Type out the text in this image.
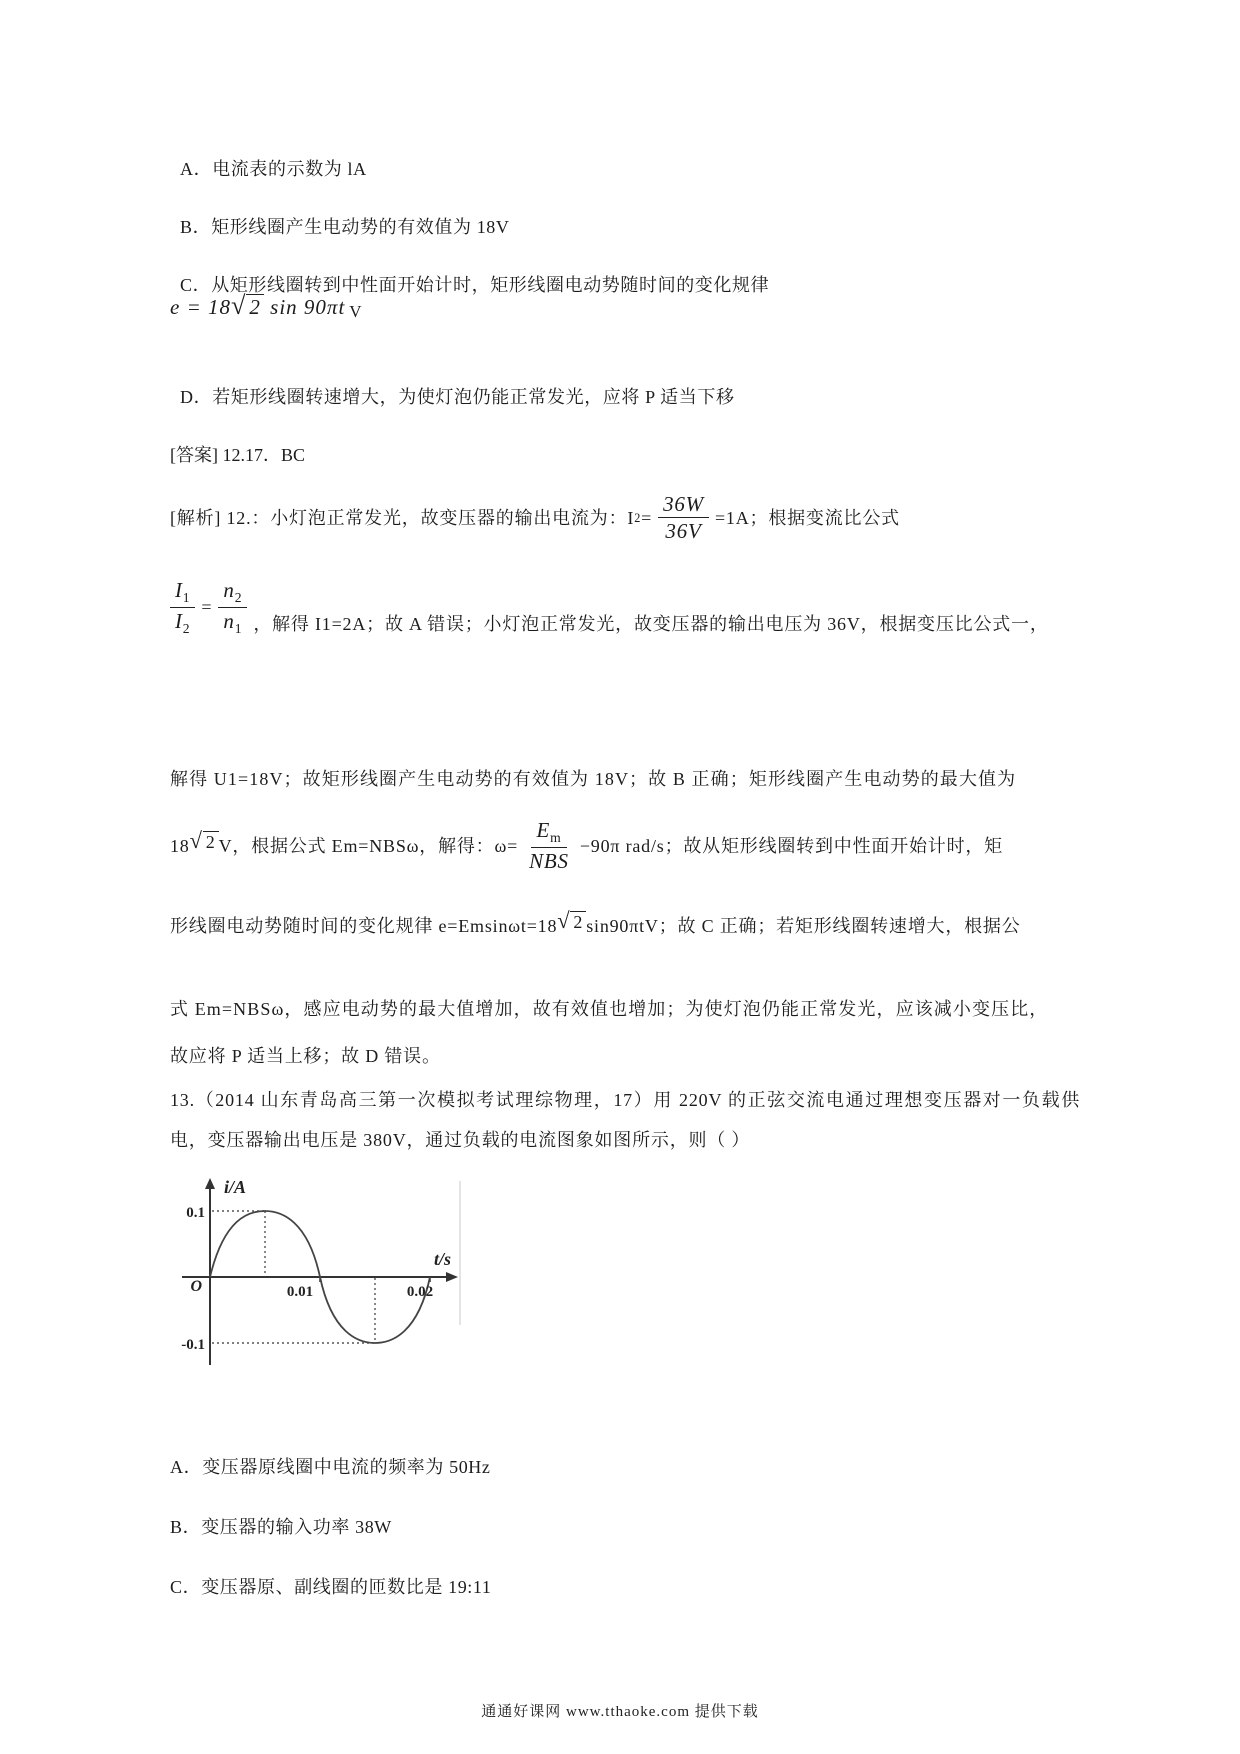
A．电流表的示数为 lA

B．矩形线圈产生电动势的有效值为 18V

C．从矩形线圈转到中性面开始计时，矩形线圈电动势随时间的变化规律

e = 18√ 2 sin 90πt V

D．若矩形线圈转速增大，为使灯泡仍能正常发光，应将 P 适当下移

[答案] 12.17．BC

[解析] 12.：小灯泡正常发光，故变压器的输出电流为：I $2 = \frac{36W}{36V} =1A$；根据变流比公式
$\frac{I_1}{I_2} = \frac{n_2}{n_1}$ ，解得 I1=2A；故 A 错误；小灯泡正常发光，故变压器的输出电压为 36V，根据变压比公式一，

解得 U1=18V；故矩形线圈产生电动势的有效值为 18V；故 B 正确；矩形线圈产生电动势的最大值为

18 √ 2 V，根据公式 Em=NBSω，解得：$\omega= \frac{E_m}{\text{NBS}} -90\pi$ rad/s；故从矩形线圈转到中性面开始计时，矩
形线圈电动势随时间的变化规律 e=Emsinωt=18 √ 2 sin90πtV；故 C 正确；若矩形线圈转速增大，根据公

式 Em=NBSω，感应电动势的最大值增加，故有效值也增加；为使灯泡仍能正常发光，应该减小变压比，

故应将 P 适当上移；故 D 错误。

13.（2014 山东青岛高三第一次模拟考试理综物理，17）用 220V 的正弦交流电通过理想变压器对一负载供电，变压器输出电压是 380V，通过负载的电流图象如图所示，则（ ）

i/A
t/s
0.1
-0.1
O	0.01	0.02

A．变压器原线圈中电流的频率为 50Hz

B．变压器的输入功率 38W

C．变压器原、副线圈的匝数比是 19:11

通通好课网 www.tthaoke.com 提供下载
